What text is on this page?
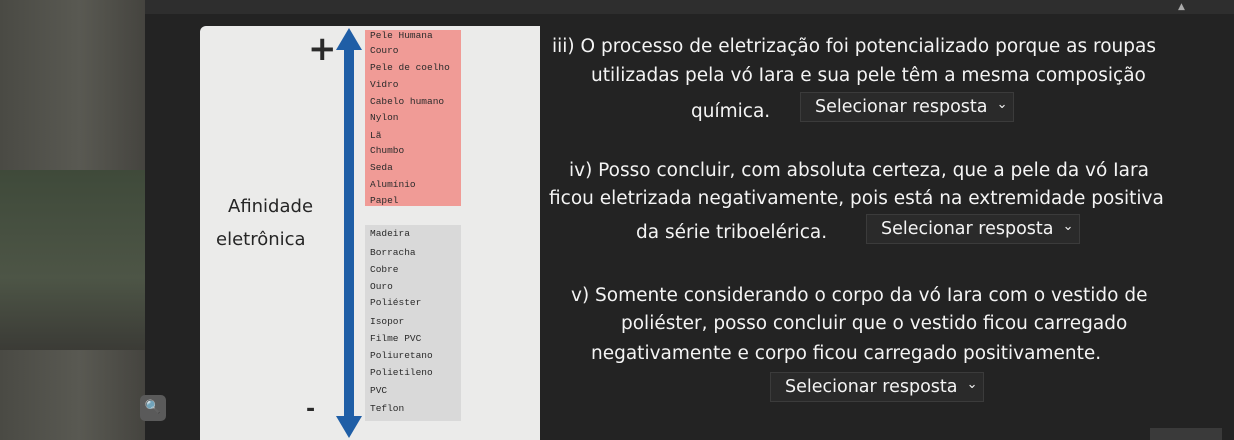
+
-
Afinidade
eletrônica
Pele Humana
Couro
Pele de coelho
Vidro
Cabelo humano
Nylon
Lã
Chumbo
Seda
Alumínio
Papel
Madeira
Borracha
Cobre
Ouro
Poliéster
Isopor
Filme PVC
Poliuretano
Polietileno
PVC
Teflon
iii) O processo de eletrização foi potencializado porque as roupas
utilizadas pela vó Iara e sua pele têm a mesma composição
química.	Selecionar resposta ⌄
iv) Posso concluir, com absoluta certeza, que a pele da vó Iara
ficou eletrizada negativamente, pois está na extremidade positiva
da série triboelérica.	Selecionar resposta ⌄
v) Somente considerando o corpo da vó Iara com o vestido de
poliéster, posso concluir que o vestido ficou carregado
negativamente e corpo ficou carregado positivamente.
Selecionar resposta ⌄
🔍
▲
